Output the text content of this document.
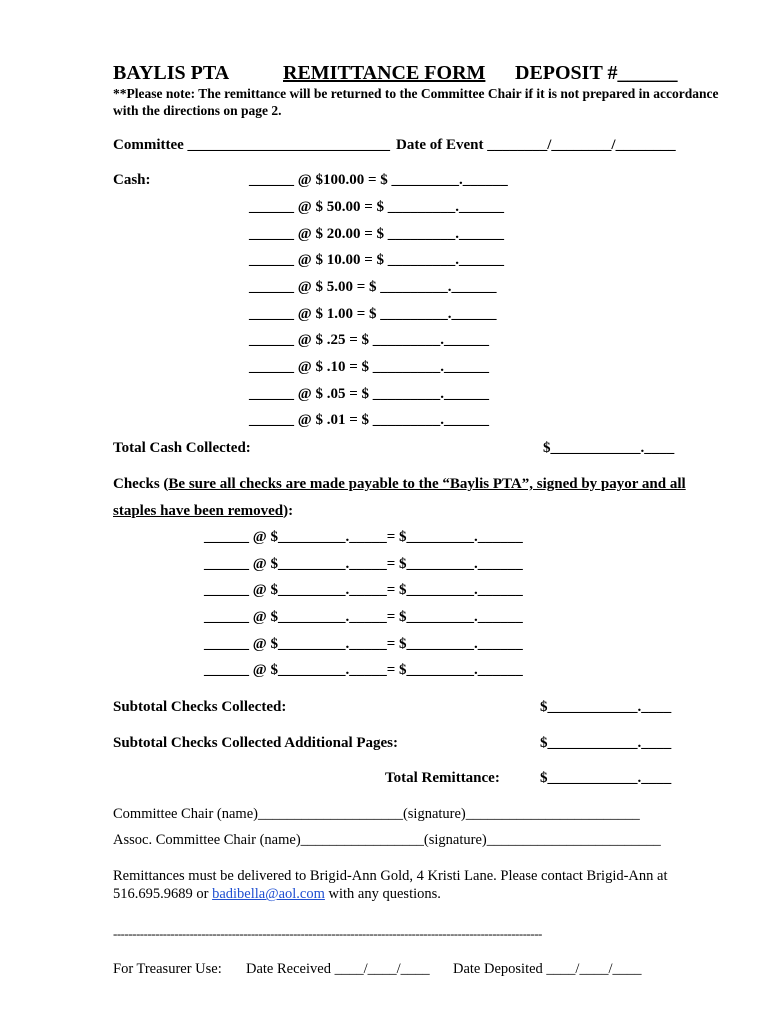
BAYLIS PTA	REMITTANCE FORM DEPOSIT #______
**Please note: The remittance will be returned to the Committee Chair if it is not prepared in accordance
with the directions on page 2.
Committee ___________________________ Date of Event ________/________/________
Cash:	______ @ $100.00 = $ _________.______
______ @ $ 50.00 = $ _________.______
______ @ $ 20.00 = $ _________.______
______ @ $ 10.00 = $ _________.______
______ @ $ 5.00 = $ _________.______
______ @ $ 1.00 = $ _________.______
______ @ $ .25 = $ _________.______
______ @ $ .10 = $ _________.______
______ @ $ .05 = $ _________.______
______ @ $ .01 = $ _________.______
Total Cash Collected:	$____________.____
Checks (Be sure all checks are made payable to the “Baylis PTA”, signed by payor and all
staples have been removed):
______ @ $_________._____= $_________.______
______ @ $_________._____= $_________.______
______ @ $_________._____= $_________.______
______ @ $_________._____= $_________.______
______ @ $_________._____= $_________.______
______ @ $_________._____= $_________.______
Subtotal Checks Collected:	$____________.____
Subtotal Checks Collected Additional Pages:	$____________.____
Total Remittance:	$____________.____
Committee Chair (name)____________________(signature)________________________
Assoc. Committee Chair (name)_________________(signature)________________________
Remittances must be delivered to Brigid-Ann Gold, 4 Kristi Lane. Please contact Brigid-Ann at
516.695.9689 or badibella@aol.com with any questions.
----------------------------------------------------------------------------------------------------------------
For Treasurer Use: Date Received ____/____/____ Date Deposited ____/____/____
